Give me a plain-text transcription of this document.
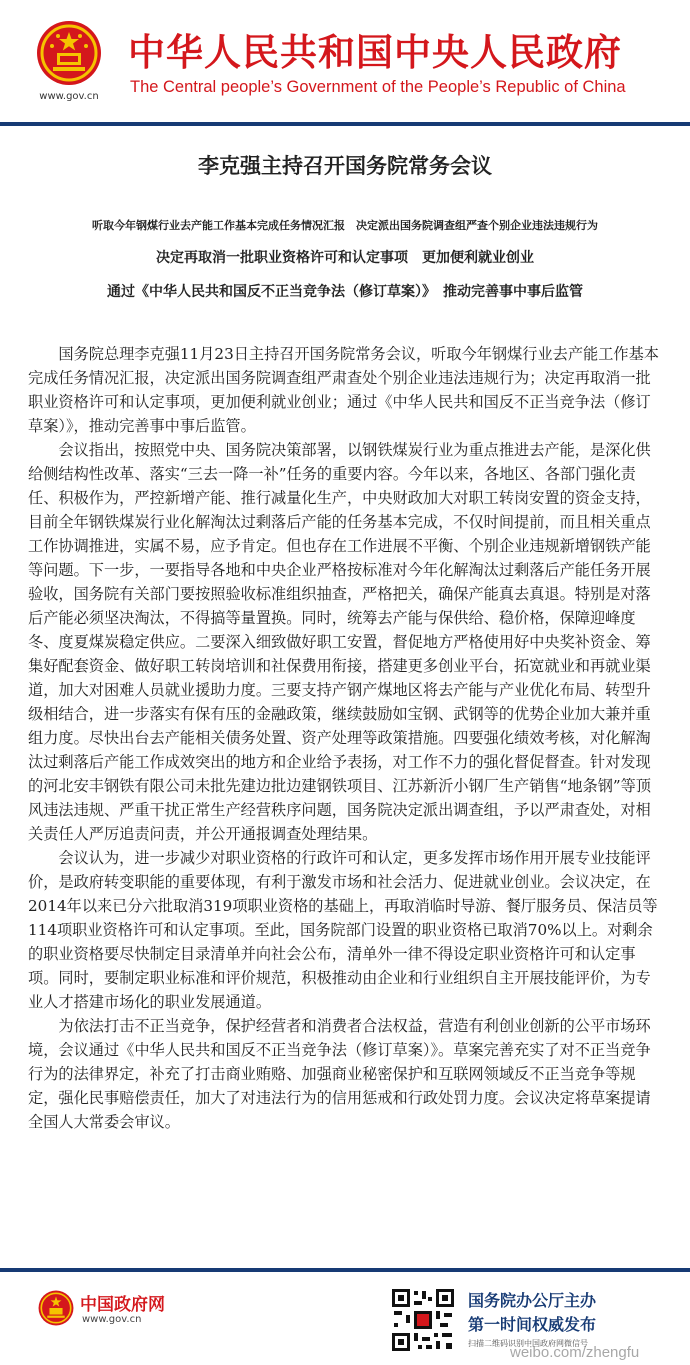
www.gov.cn
中华人民共和国中央人民政府
The Central people’s Government of the People’s Republic of China
李克强主持召开国务院常务会议
听取今年钢煤行业去产能工作基本完成任务情况汇报　决定派出国务院调查组严查个别企业违法违规行为
决定再取消一批职业资格许可和认定事项　更加便利就业创业
通过《中华人民共和国反不正当竞争法（修订草案）》　推动完善事中事后监管

国务院总理李克强11月23日主持召开国务院常务会议，听取今年钢煤行业去产能工作基本完成任务情况汇报，决定派出国务院调查组严肃查处个别企业违法违规行为；决定再取消一批职业资格许可和认定事项，更加便利就业创业；通过《中华人民共和国反不正当竞争法（修订草案）》，推动完善事中事后监管。

会议指出，按照党中央、国务院决策部署，以钢铁煤炭行业为重点推进去产能，是深化供给侧结构性改革、落实“三去一降一补”任务的重要内容。今年以来，各地区、各部门强化责任、积极作为，严控新增产能、推行减量化生产，中央财政加大对职工转岗安置的资金支持，目前全年钢铁煤炭行业化解淘汰过剩落后产能的任务基本完成，不仅时间提前，而且相关重点工作协调推进，实属不易，应予肯定。但也存在工作进展不平衡、个别企业违规新增钢铁产能等问题。下一步，一要指导各地和中央企业严格按标准对今年化解淘汰过剩落后产能任务开展验收，国务院有关部门要按照验收标准组织抽查，严格把关，确保产能真去真退。特别是对落后产能必须坚决淘汰，不得搞等量置换。同时，统筹去产能与保供给、稳价格，保障迎峰度冬、度夏煤炭稳定供应。二要深入细致做好职工安置，督促地方严格使用好中央奖补资金、筹集好配套资金、做好职工转岗培训和社保费用衔接，搭建更多创业平台，拓宽就业和再就业渠道，加大对困难人员就业援助力度。三要支持产钢产煤地区将去产能与产业优化布局、转型升级相结合，进一步落实有保有压的金融政策，继续鼓励如宝钢、武钢等的优势企业加大兼并重组力度。尽快出台去产能相关债务处置、资产处理等政策措施。四要强化绩效考核，对化解淘汰过剩落后产能工作成效突出的地方和企业给予表扬，对工作不力的强化督促督查。针对发现的河北安丰钢铁有限公司未批先建边批边建钢铁项目、江苏新沂小钢厂生产销售“地条钢”等顶风违法违规、严重干扰正常生产经营秩序问题，国务院决定派出调查组，予以严肃查处，对相关责任人严厉追责问责，并公开通报调查处理结果。

会议认为，进一步减少对职业资格的行政许可和认定，更多发挥市场作用开展专业技能评价，是政府转变职能的重要体现，有利于激发市场和社会活力、促进就业创业。会议决定，在2014年以来已分六批取消319项职业资格的基础上，再取消临时导游、餐厅服务员、保洁员等114项职业资格许可和认定事项。至此，国务院部门设置的职业资格已取消70%以上。对剩余的职业资格要尽快制定目录清单并向社会公布，清单外一律不得设定职业资格许可和认定事项。同时，要制定职业标准和评价规范，积极推动由企业和行业组织自主开展技能评价，为专业人才搭建市场化的职业发展通道。

为依法打击不正当竞争，保护经营者和消费者合法权益，营造有利创业创新的公平市场环境，会议通过《中华人民共和国反不正当竞争法（修订草案）》。草案完善充实了对不正当竞争行为的法律界定，补充了打击商业贿赂、加强商业秘密保护和互联网领域反不正当竞争等规定，强化民事赔偿责任，加大了对违法行为的信用惩戒和行政处罚力度。会议决定将草案提请全国人大常委会审议。

中国政府网
www.gov.cn
国务院办公厅主办
第一时间权威发布
扫描二维码识别中国政府网微信号
weibo.com/zhengfu
